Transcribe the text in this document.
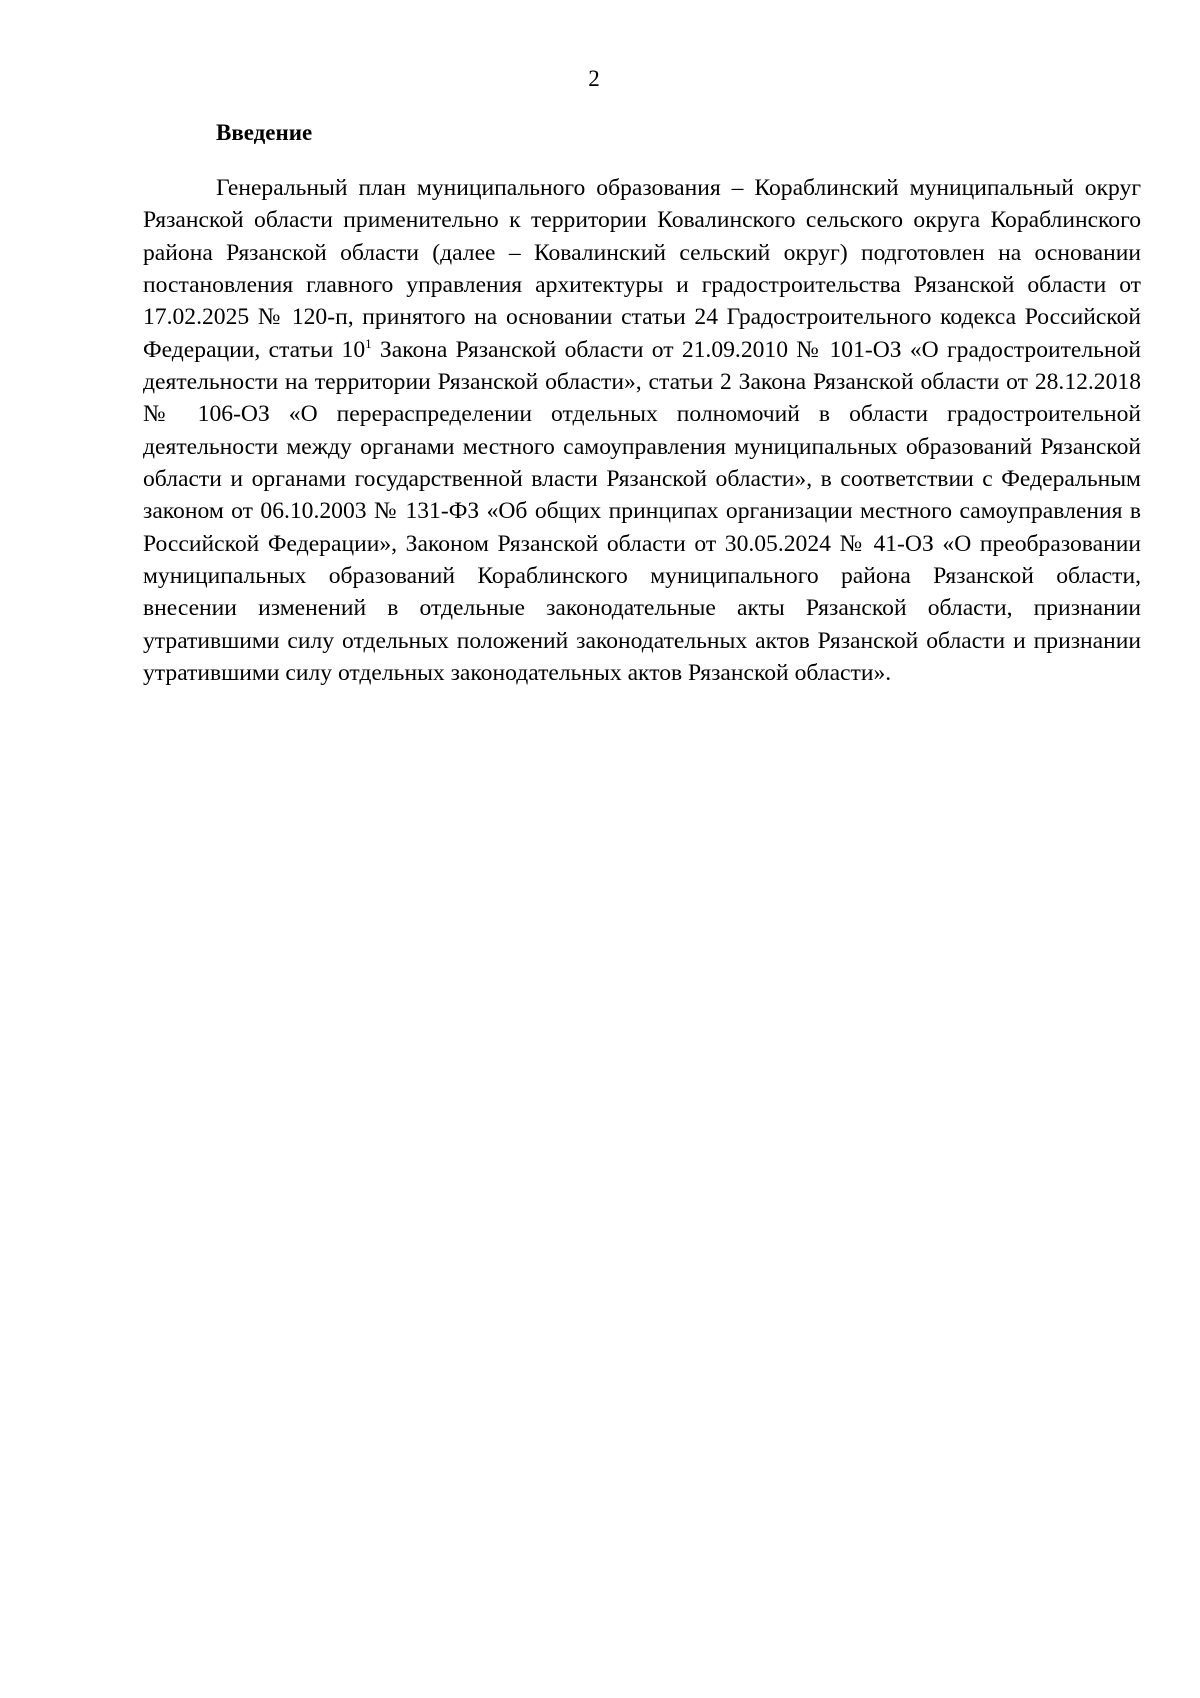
2
Введение

Генеральный план муниципального образования – Кораблинский муниципальный округ Рязанской области применительно к территории Ковалинского сельского округа Кораблинского района Рязанской области (далее – Ковалинский сельский округ) подготовлен на основании постановления главного управления архитектуры и градостроительства Рязанской области от 17.02.2025 № 120-п, принятого на основании статьи 24 Градостроительного кодекса Российской Федерации, статьи $10^1$ Закона Рязанской области от 21.09.2010 № 101-ОЗ «О градостроительной деятельности на территории Рязанской области», статьи 2 Закона Рязанской области от 28.12.2018 № 106-ОЗ «О перераспределении отдельных полномочий в области градостроительной деятельности между органами местного самоуправления муниципальных образований Рязанской области и органами государственной власти Рязанской области», в соответствии с Федеральным законом от 06.10.2003 № 131-ФЗ «Об общих принципах организации местного самоуправления в Российской Федерации», Законом Рязанской области от 30.05.2024 № 41-ОЗ «О преобразовании муниципальных образований Кораблинского муниципального района Рязанской области, внесении изменений в отдельные законодательные акты Рязанской области, признании утратившими силу отдельных положений законодательных актов Рязанской области и признании утратившими силу отдельных законодательных актов Рязанской области».
